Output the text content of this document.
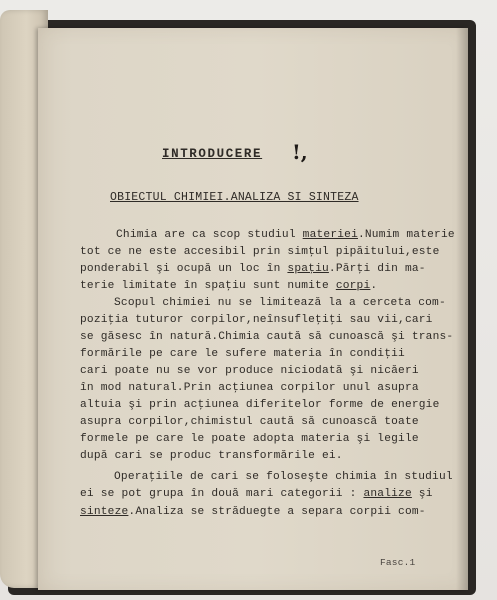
INTRODUCERE !,
OBIECTUL CHIMIEI.ANALIZA SI SINTEZA
Chimia are ca scop studiul materiei.Numim materie
tot ce ne este accesibil prin simţul pipăitului,este
ponderabil şi ocupă un loc în spaţiu.Părţi din ma-
terie limitate în spaţiu sunt numite corpi.
Scopul chimiei nu se limitează la a cerceta com-
poziţia tuturor corpilor,neînsufleţiţi sau vii,cari
se găsesc în natură.Chimia caută să cunoască şi trans-
formările pe care le sufere materia în condiţii
cari poate nu se vor produce niciodată şi nicăeri
în mod natural.Prin acţiunea corpilor unul asupra
altuia şi prin acţiunea diferitelor forme de energie
asupra corpilor,chimistul caută să cunoască toate
formele pe care le poate adopta materia şi legile
după cari se produc transformările ei.
Operaţiile de cari se foloseşte chimia în studiul
ei se pot grupa în două mari categorii : analize şi
sinteze.Analiza se străduegte a separa corpii com-
Fasc.1
